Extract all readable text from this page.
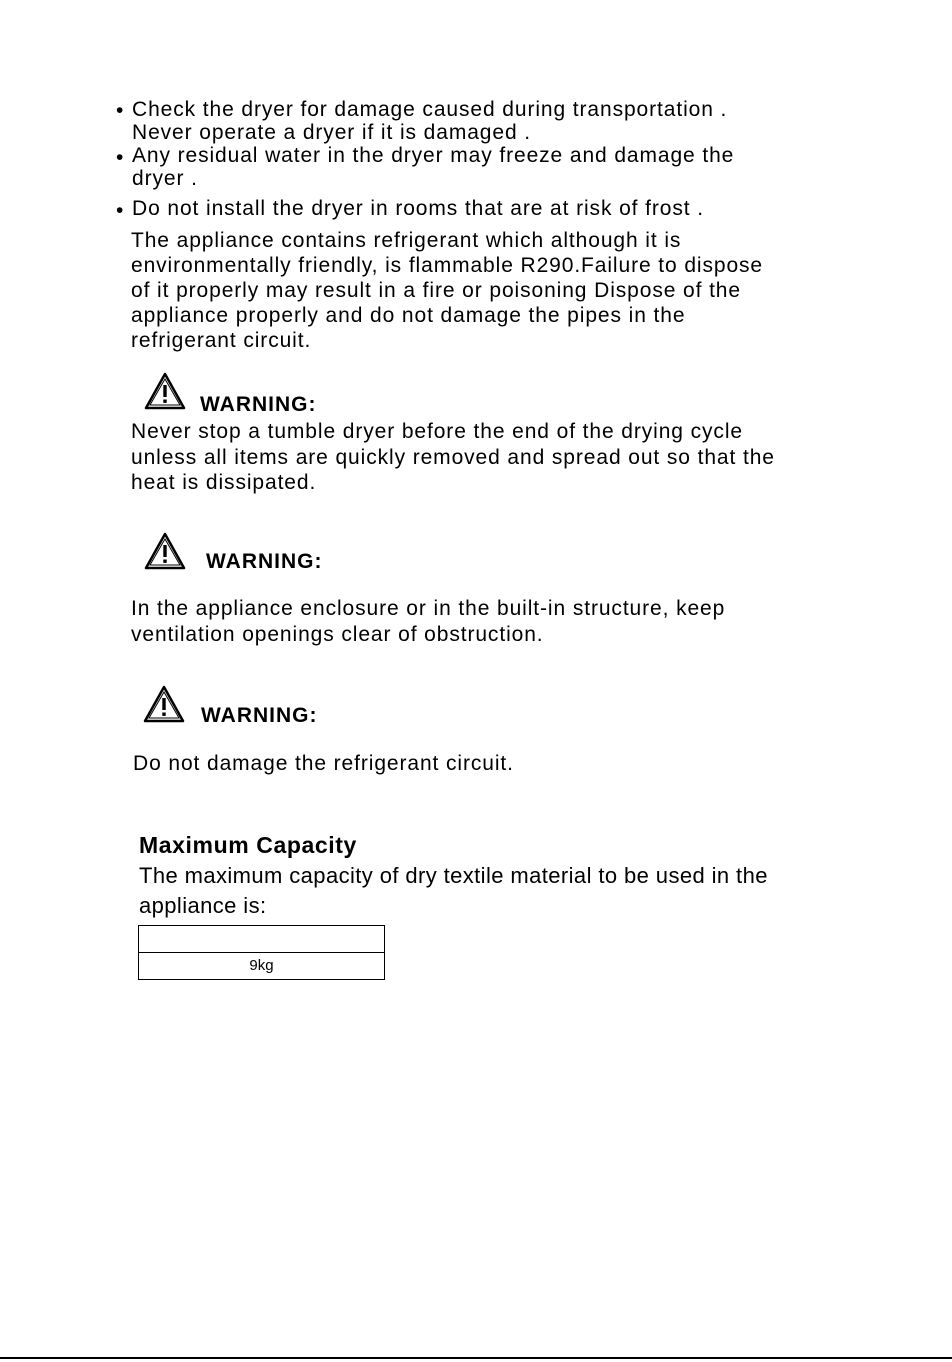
• Check the dryer for damage caused during transportation .
Never operate a dryer if it is damaged .
• Any residual water in the dryer may freeze and damage the
dryer .
• Do not install the dryer in rooms that are at risk of frost .
The appliance contains refrigerant which although it is
environmentally friendly, is flammable R290.Failure to dispose
of it properly may result in a fire or poisoning Dispose of the
appliance properly and do not damage the pipes in the
refrigerant circuit.
WARNING:
Never stop a tumble dryer before the end of the drying cycle
unless all items are quickly removed and spread out so that the
heat is dissipated.
WARNING:
In the appliance enclosure or in the built-in structure, keep
ventilation openings clear of obstruction.
WARNING:
Do not damage the refrigerant circuit.
Maximum Capacity
The maximum capacity of dry textile material to be used in the
appliance is:

9kg
